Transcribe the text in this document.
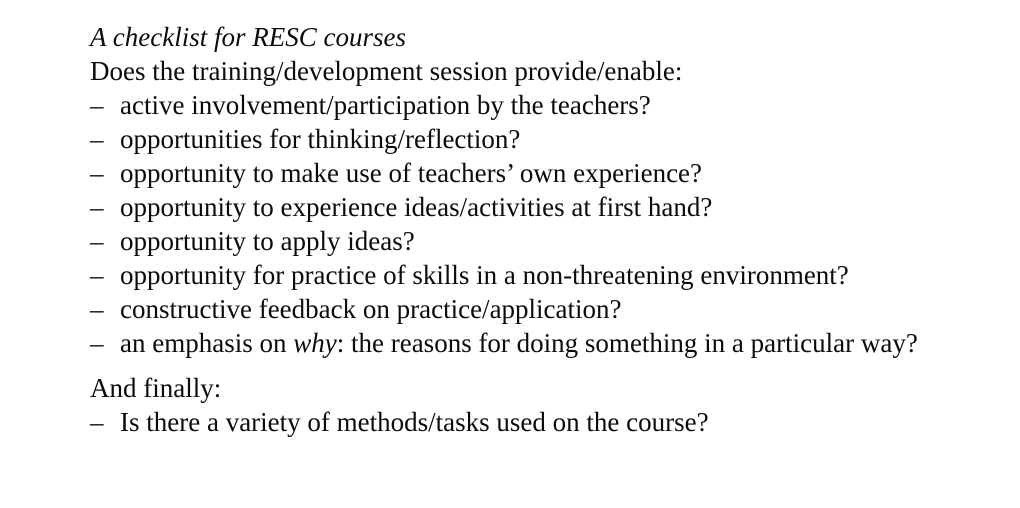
A checklist for RESC courses

Does the training/development session provide/enable:

– active involvement/participation by the teachers?
– opportunities for thinking/reflection?
– opportunity to make use of teachers’ own experience?
– opportunity to experience ideas/activities at first hand?
– opportunity to apply ideas?
– opportunity for practice of skills in a non-threatening environment?
– constructive feedback on practice/application?
– an emphasis on why: the reasons for doing something in a particular way?

And finally:

– Is there a variety of methods/tasks used on the course?
